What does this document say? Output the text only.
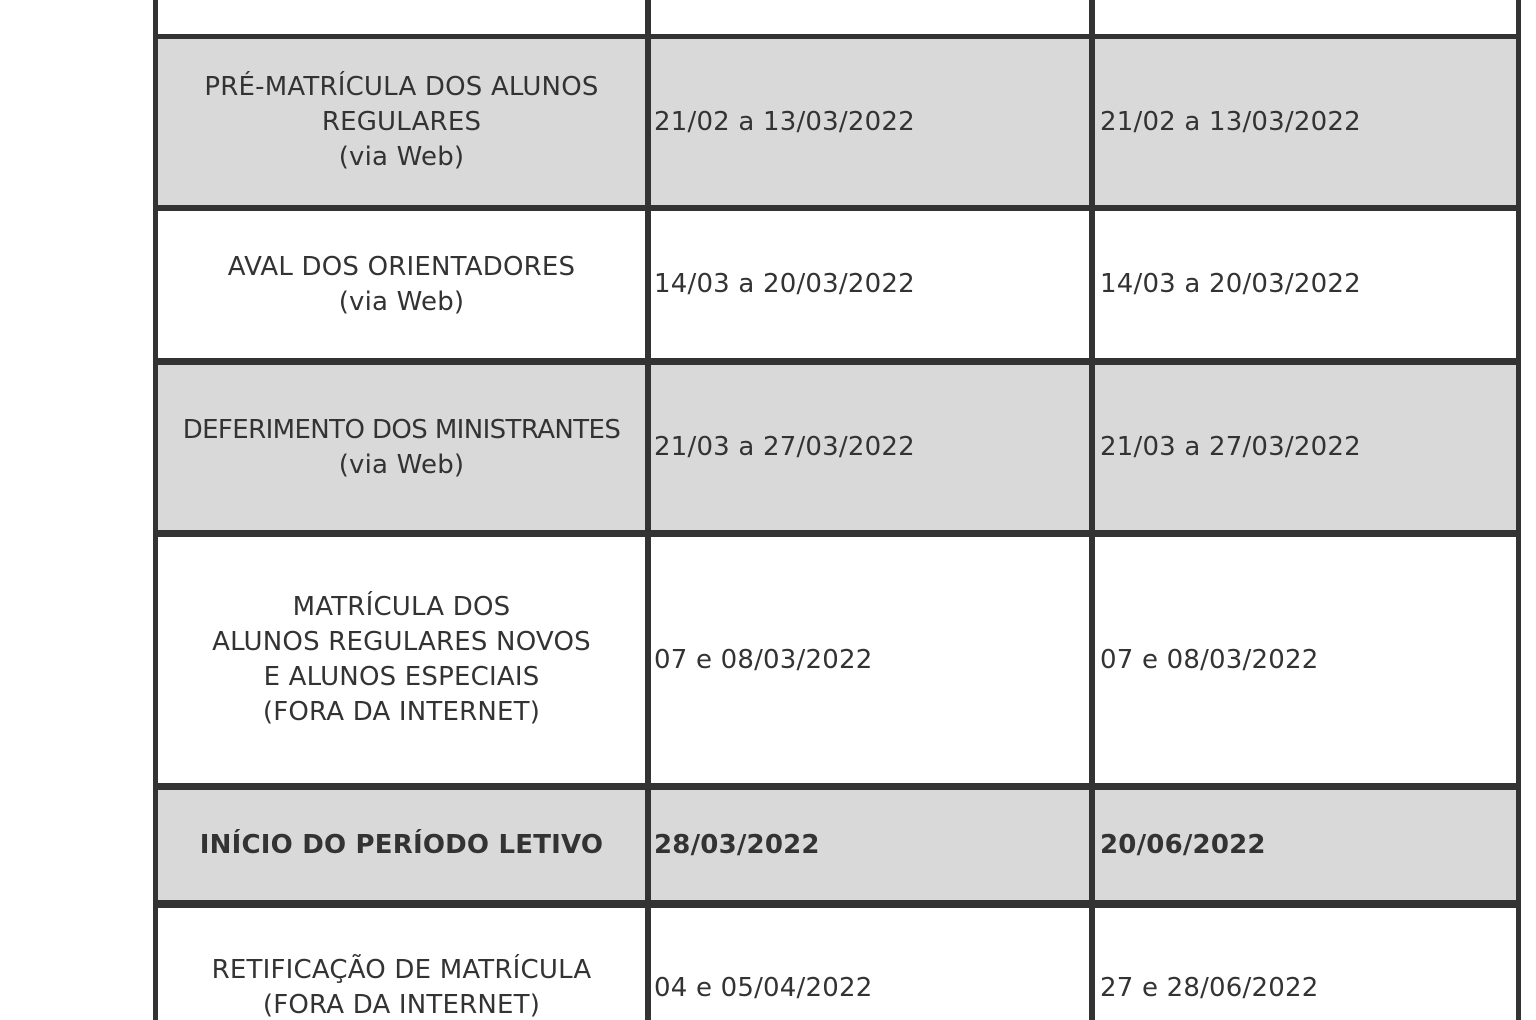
PRÉ-MATRÍCULA DOS ALUNOS
REGULARES
(via Web)
21/02 a 13/03/2022	21/02 a 13/03/2022
AVAL DOS ORIENTADORES
(via Web)
14/03 a 20/03/2022	14/03 a 20/03/2022
DEFERIMENTO DOS MINISTRANTES
(via Web)
21/03 a 27/03/2022	21/03 a 27/03/2022
MATRÍCULA DOS
ALUNOS REGULARES NOVOS
E ALUNOS ESPECIAIS
(FORA DA INTERNET)
07 e 08/03/2022	07 e 08/03/2022
INÍCIO DO PERÍODO LETIVO 28/03/2022	20/06/2022
RETIFICAÇÃO DE MATRÍCULA
(FORA DA INTERNET)
04 e 05/04/2022	27 e 28/06/2022
